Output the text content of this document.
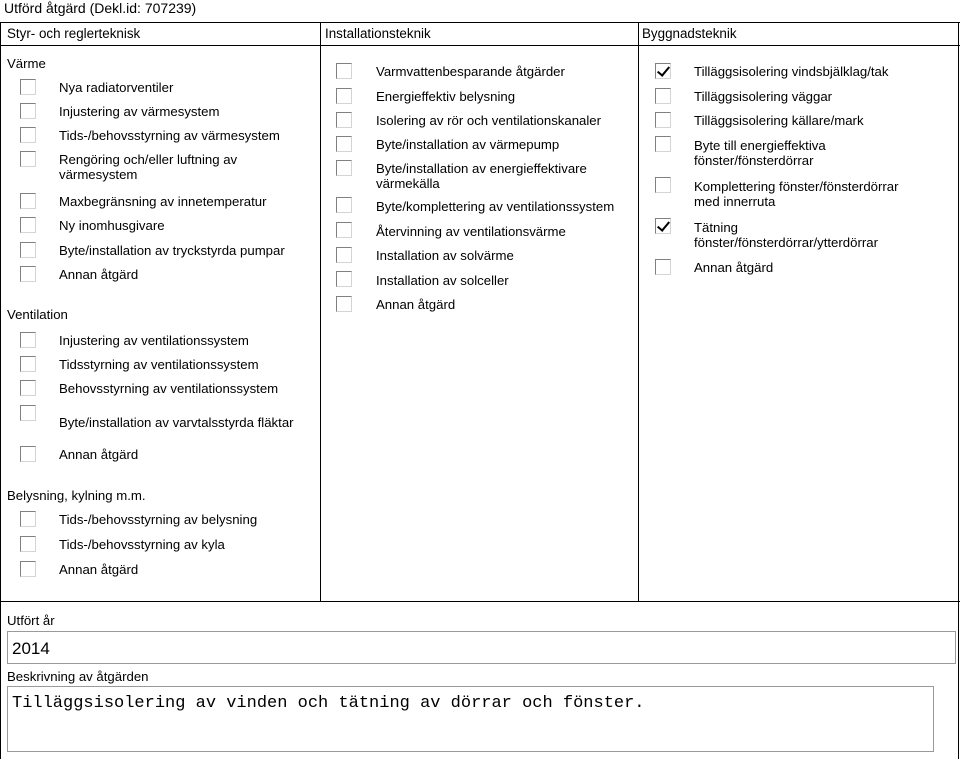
Utförd åtgärd (Dekl.id: 707239)
Styr- och reglerteknisk	Installationsteknik	Byggnadsteknik
Värme
Nya radiatorventiler
Injustering av värmesystem
Tids-/behovsstyrning av värmesystem
Rengöring och/eller luftning av
värmesystem
Maxbegränsning av innetemperatur
Ny inomhusgivare
Byte/installation av tryckstyrda pumpar
Annan åtgärd
Ventilation
Injustering av ventilationssystem
Tidsstyrning av ventilationssystem
Behovsstyrning av ventilationssystem
Byte/installation av varvtalsstyrda fläktar
Annan åtgärd
Belysning, kylning m.m.
Tids-/behovsstyrning av belysning
Tids-/behovsstyrning av kyla
Annan åtgärd
Varmvattenbesparande åtgärder
Energieffektiv belysning
Isolering av rör och ventilationskanaler
Byte/installation av värmepump
Byte/installation av energieffektivare
värmekälla
Byte/komplettering av ventilationssystem
Återvinning av ventilationsvärme
Installation av solvärme
Installation av solceller
Annan åtgärd
Tilläggsisolering vindsbjälklag/tak
Tilläggsisolering väggar
Tilläggsisolering källare/mark
Byte till energieffektiva
fönster/fönsterdörrar
Komplettering fönster/fönsterdörrar
med innerruta
Tätning
fönster/fönsterdörrar/ytterdörrar
Annan åtgärd
Utfört år
2014
Beskrivning av åtgärden
Tilläggsisolering av vinden och tätning av dörrar och fönster.
